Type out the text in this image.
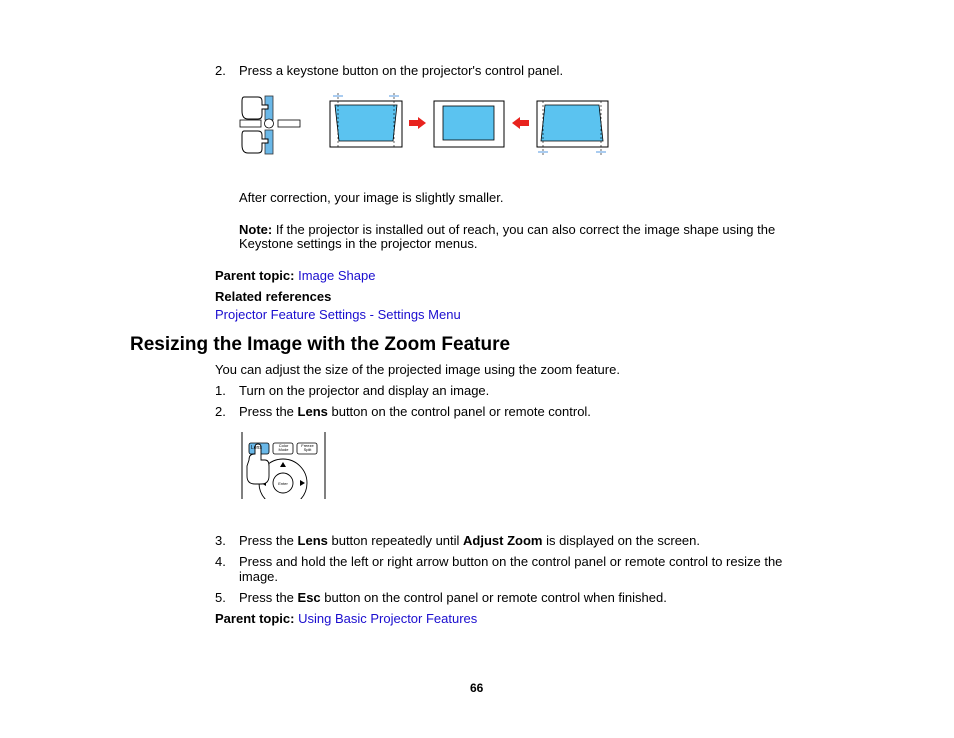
2. Press a keystone button on the projector's control panel.
After correction, your image is slightly smaller.
Note: If the projector is installed out of reach, you can also correct the image shape using the
Keystone settings in the projector menus.
Parent topic: Image Shape
Related references
Projector Feature Settings - Settings Menu
Resizing the Image with the Zoom Feature
You can adjust the size of the projected image using the zoom feature.
1. Turn on the projector and display an image.
2. Press the Lens button on the control panel or remote control.
Lens	Color Mode
Freeze Split
Enter
3. Press the Lens button repeatedly until Adjust Zoom is displayed on the screen.
4. Press and hold the left or right arrow button on the control panel or remote control to resize the
image.
5. Press the Esc button on the control panel or remote control when finished.
Parent topic: Using Basic Projector Features
66
